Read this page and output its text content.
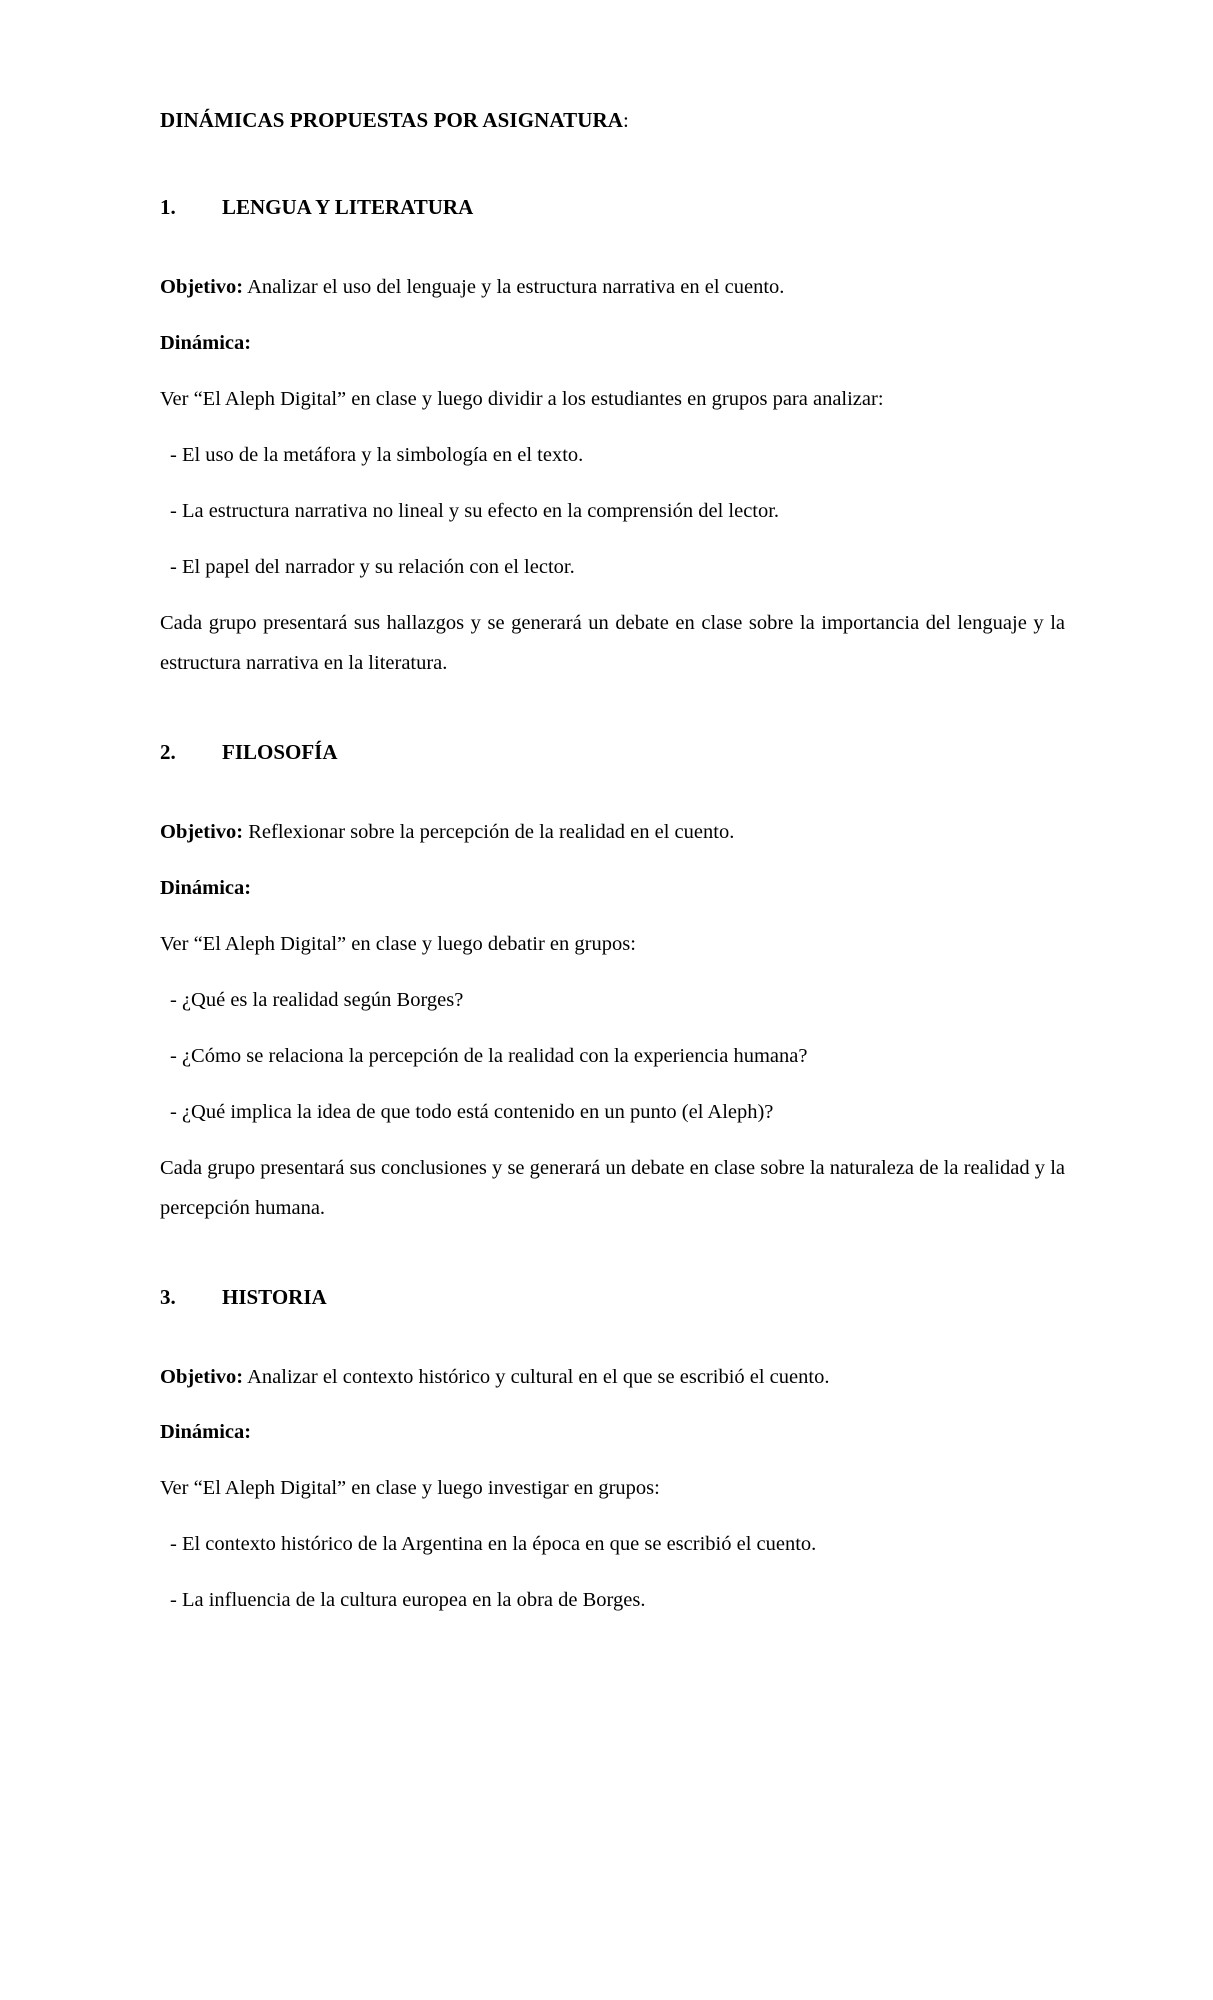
DINÁMICAS PROPUESTAS POR ASIGNATURA:
1.	LENGUA Y LITERATURA

Objetivo: Analizar el uso del lenguaje y la estructura narrativa en el cuento.

Dinámica:

Ver “El Aleph Digital” en clase y luego dividir a los estudiantes en grupos para analizar:

- El uso de la metáfora y la simbología en el texto.

- La estructura narrativa no lineal y su efecto en la comprensión del lector.

- El papel del narrador y su relación con el lector.

Cada grupo presentará sus hallazgos y se generará un debate en clase sobre la importancia del lenguaje y la estructura narrativa en la literatura.

2.	FILOSOFÍA

Objetivo: Reflexionar sobre la percepción de la realidad en el cuento.

Dinámica:

Ver “El Aleph Digital” en clase y luego debatir en grupos:

- ¿Qué es la realidad según Borges?

- ¿Cómo se relaciona la percepción de la realidad con la experiencia humana?

- ¿Qué implica la idea de que todo está contenido en un punto (el Aleph)?

Cada grupo presentará sus conclusiones y se generará un debate en clase sobre la naturaleza de la realidad y la percepción humana.

3.	HISTORIA

Objetivo: Analizar el contexto histórico y cultural en el que se escribió el cuento.

Dinámica:

Ver “El Aleph Digital” en clase y luego investigar en grupos:

- El contexto histórico de la Argentina en la época en que se escribió el cuento.

- La influencia de la cultura europea en la obra de Borges.
